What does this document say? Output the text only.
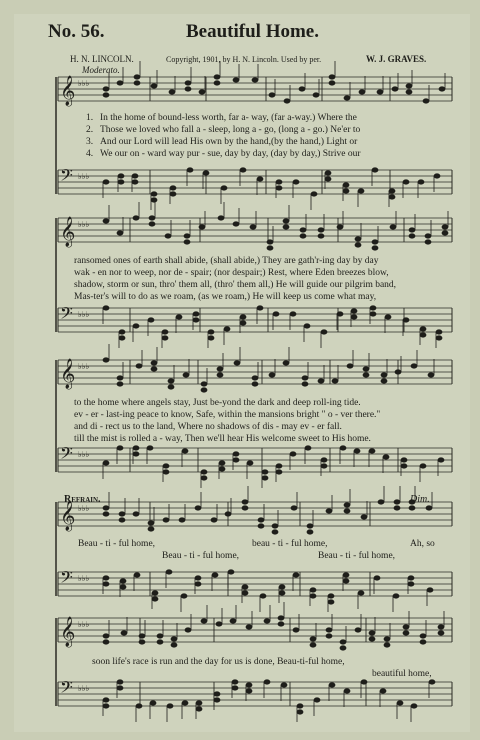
No. 56.	Beautiful Home.
H. N. LINCOLN.	Copyright, 1901, by H. N. Lincoln. Used by per.	W. J. GRAVES.
Moderato.
𝄞 ♭♭♭
𝄢 ♭♭♭
𝄞 ♭♭♭
𝄢 ♭♭♭
𝄞 ♭♭♭
𝄢 ♭♭♭
𝄞 ♭♭♭
𝄢 ♭♭♭
𝄞 ♭♭♭
𝄢 ♭♭♭
1. In the home of bound-less worth, far a- way, (far a-way.) Where the
2. Those we loved who fall a - sleep, long a - go, (long a - go.) Ne'er to
3. And our Lord will lead His own by the hand,(by the hand,) Light or
4. We our on - ward way pur - sue, day by day, (day by day,) Strive our
ransomed ones of earth shall abide, (shall abide,) They are gath'r-ing day by day
wak - en nor to weep, nor de - spair; (nor despair;) Rest, where Eden breezes blow,
shadow, storm or sun, thro' them all, (thro' them all,) He will guide our pilgrim band,
Mas-ter's will to do as we roam, (as we roam,) He will keep us come what may,
to the home where angels stay, Just be-yond the dark and deep roll-ing tide.
ev - er - last-ing peace to know, Safe, within the mansions bright " o - ver there."
and di - rect us to the land, Where no shadows of dis - may ev - er fall.
till the mist is rolled a - way, Then we'll hear His welcome sweet to His home.
Refrain.	Dim.
Beau - ti - ful home,	beau - ti - ful home,	Ah, so
Beau - ti - ful home,	Beau - ti - ful home,
soon life's race is run and the day for us is done, Beau-ti-ful home,
beautiful home,
